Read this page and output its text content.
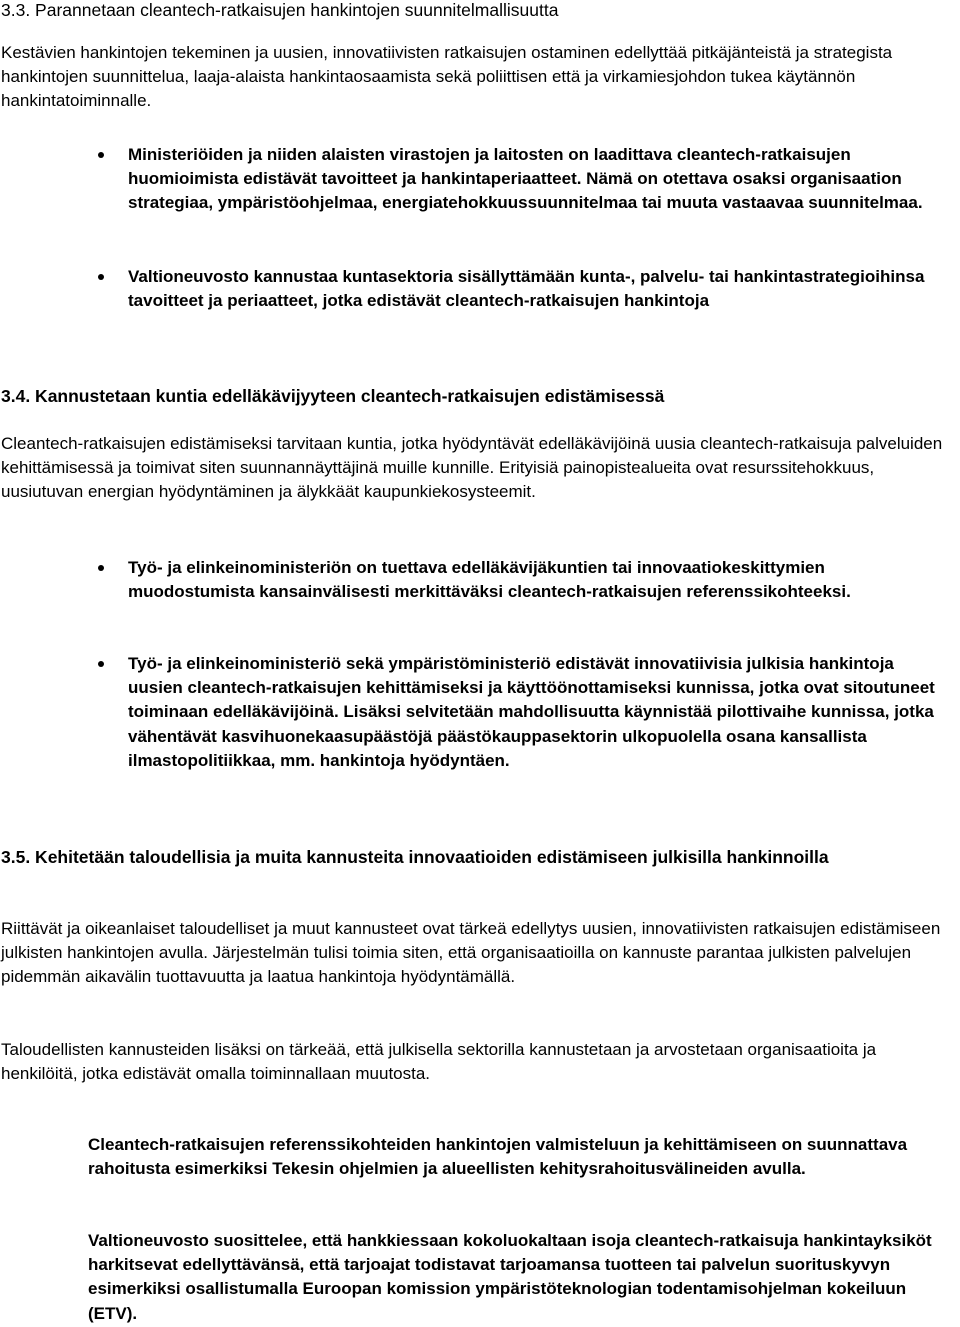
3.3. Parannetaan cleantech-ratkaisujen hankintojen suunnitelmallisuutta

Kestävien hankintojen tekeminen ja uusien, innovatiivisten ratkaisujen ostaminen edellyttää pitkäjänteistä ja strategista hankintojen suunnittelua, laaja-alaista hankintaosaamista sekä poliittisen että ja virkamiesjohdon tukea käytännön hankintatoiminnalle.

Ministeriöiden ja niiden alaisten virastojen ja laitosten on laadittava cleantech-ratkaisujen huomioimista edistävät tavoitteet ja hankintaperiaatteet. Nämä on otettava osaksi organisaation strategiaa, ympäristöohjelmaa, energiatehokkuussuunnitelmaa tai muuta vastaavaa suunnitelmaa.
Valtioneuvosto kannustaa kuntasektoria sisällyttämään kunta-, palvelu- tai hankintastrategioihinsa tavoitteet ja periaatteet, jotka edistävät cleantech-ratkaisujen hankintoja
3.4. Kannustetaan kuntia edelläkävijyyteen cleantech-ratkaisujen edistämisessä

Cleantech-ratkaisujen edistämiseksi tarvitaan kuntia, jotka hyödyntävät edelläkävijöinä uusia cleantech-ratkaisuja palveluiden kehittämisessä ja toimivat siten suunnannäyttäjinä muille kunnille. Erityisiä painopistealueita ovat resurssitehokkuus, uusiutuvan energian hyödyntäminen ja älykkäät kaupunkiekosysteemit.

Työ- ja elinkeinoministeriön on tuettava edelläkävijäkuntien tai innovaatiokeskittymien muodostumista kansainvälisesti merkittäväksi cleantech-ratkaisujen referenssikohteeksi.
Työ- ja elinkeinoministeriö sekä ympäristöministeriö edistävät innovatiivisia julkisia hankintoja uusien cleantech-ratkaisujen kehittämiseksi ja käyttöönottamiseksi kunnissa, jotka ovat sitoutuneet toiminaan edelläkävijöinä. Lisäksi selvitetään mahdollisuutta käynnistää pilottivaihe kunnissa, jotka vähentävät kasvihuonekaasupäästöjä päästökauppasektorin ulkopuolella osana kansallista ilmastopolitiikkaa, mm. hankintoja hyödyntäen.
3.5. Kehitetään taloudellisia ja muita kannusteita innovaatioiden edistämiseen julkisilla hankinnoilla

Riittävät ja oikeanlaiset taloudelliset ja muut kannusteet ovat tärkeä edellytys uusien, innovatiivisten ratkaisujen edistämiseen julkisten hankintojen avulla. Järjestelmän tulisi toimia siten, että organisaatioilla on kannuste parantaa julkisten palvelujen pidemmän aikavälin tuottavuutta ja laatua hankintoja hyödyntämällä.

Taloudellisten kannusteiden lisäksi on tärkeää, että julkisella sektorilla kannustetaan ja arvostetaan organisaatioita ja henkilöitä, jotka edistävät omalla toiminnallaan muutosta.

Cleantech-ratkaisujen referenssikohteiden hankintojen valmisteluun ja kehittämiseen on suunnattava rahoitusta esimerkiksi Tekesin ohjelmien ja alueellisten kehitysrahoitusvälineiden avulla.

Valtioneuvosto suosittelee, että hankkiessaan kokoluokaltaan isoja cleantech-ratkaisuja hankintayksiköt harkitsevat edellyttävänsä, että tarjoajat todistavat tarjoamansa tuotteen tai palvelun suorituskyvyn esimerkiksi osallistumalla Euroopan komission ympäristöteknologian todentamisohjelman kokeiluun (ETV).
